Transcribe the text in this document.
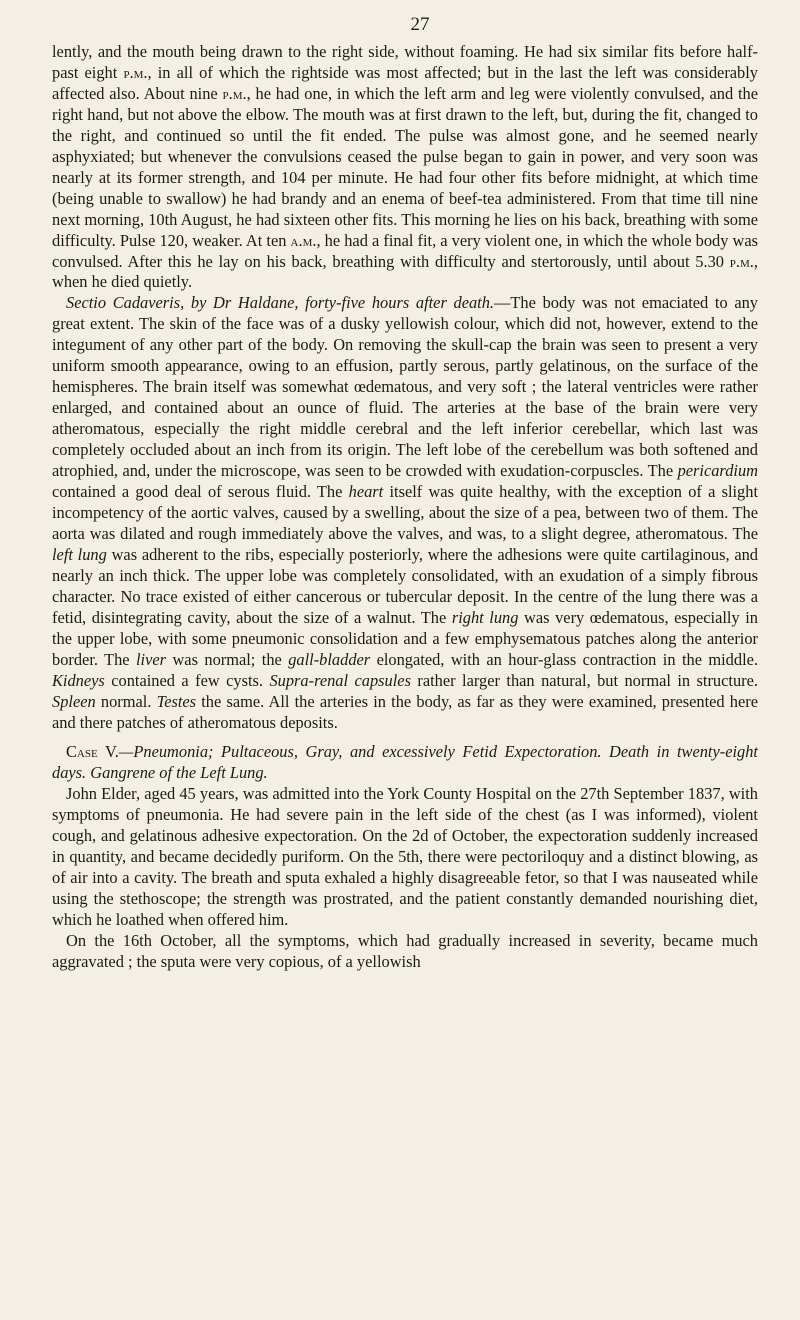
27

lently, and the mouth being drawn to the right side, without foaming. He had six similar fits before half-past eight p.m., in all of which the rightside was most affected; but in the last the left was considerably affected also. About nine p.m., he had one, in which the left arm and leg were violently convulsed, and the right hand, but not above the elbow. The mouth was at first drawn to the left, but, during the fit, changed to the right, and continued so until the fit ended. The pulse was almost gone, and he seemed nearly asphyxiated; but whenever the convulsions ceased the pulse began to gain in power, and very soon was nearly at its former strength, and 104 per minute. He had four other fits before midnight, at which time (being unable to swallow) he had brandy and an enema of beef-tea administered. From that time till nine next morning, 10th August, he had sixteen other fits. This morning he lies on his back, breathing with some difficulty. Pulse 120, weaker. At ten a.m., he had a final fit, a very violent one, in which the whole body was convulsed. After this he lay on his back, breathing with difficulty and stertorously, until about 5.30 p.m., when he died quietly.

Sectio Cadaveris, by Dr Haldane, forty-five hours after death.—The body was not emaciated to any great extent. The skin of the face was of a dusky yellowish colour, which did not, however, extend to the integument of any other part of the body. On removing the skull-cap the brain was seen to present a very uniform smooth appearance, owing to an effusion, partly serous, partly gelatinous, on the surface of the hemispheres. The brain itself was somewhat œdematous, and very soft ; the lateral ventricles were rather enlarged, and contained about an ounce of fluid. The arteries at the base of the brain were very atheromatous, especially the right middle cerebral and the left inferior cerebellar, which last was completely occluded about an inch from its origin. The left lobe of the cerebellum was both softened and atrophied, and, under the microscope, was seen to be crowded with exudation-corpuscles. The pericardium contained a good deal of serous fluid. The heart itself was quite healthy, with the exception of a slight incompetency of the aortic valves, caused by a swelling, about the size of a pea, between two of them. The aorta was dilated and rough immediately above the valves, and was, to a slight degree, atheromatous. The left lung was adherent to the ribs, especially posteriorly, where the adhesions were quite cartilaginous, and nearly an inch thick. The upper lobe was completely consolidated, with an exudation of a simply fibrous character. No trace existed of either cancerous or tubercular deposit. In the centre of the lung there was a fetid, disintegrating cavity, about the size of a walnut. The right lung was very œdematous, especially in the upper lobe, with some pneumonic consolidation and a few emphysematous patches along the anterior border. The liver was normal; the gall-bladder elongated, with an hour-glass contraction in the middle. Kidneys contained a few cysts. Supra-renal capsules rather larger than natural, but normal in structure. Spleen normal. Testes the same. All the arteries in the body, as far as they were examined, presented here and there patches of atheromatous deposits.

Case V.—Pneumonia; Pultaceous, Gray, and excessively Fetid Expectoration. Death in twenty-eight days. Gangrene of the Left Lung.

John Elder, aged 45 years, was admitted into the York County Hospital on the 27th September 1837, with symptoms of pneumonia. He had severe pain in the left side of the chest (as I was informed), violent cough, and gelatinous adhesive expectoration. On the 2d of October, the expectoration suddenly increased in quantity, and became decidedly puriform. On the 5th, there were pectoriloquy and a distinct blowing, as of air into a cavity. The breath and sputa exhaled a highly disagreeable fetor, so that I was nauseated while using the stethoscope; the strength was prostrated, and the patient constantly demanded nourishing diet, which he loathed when offered him.

On the 16th October, all the symptoms, which had gradually increased in severity, became much aggravated ; the sputa were very copious, of a yellowish
